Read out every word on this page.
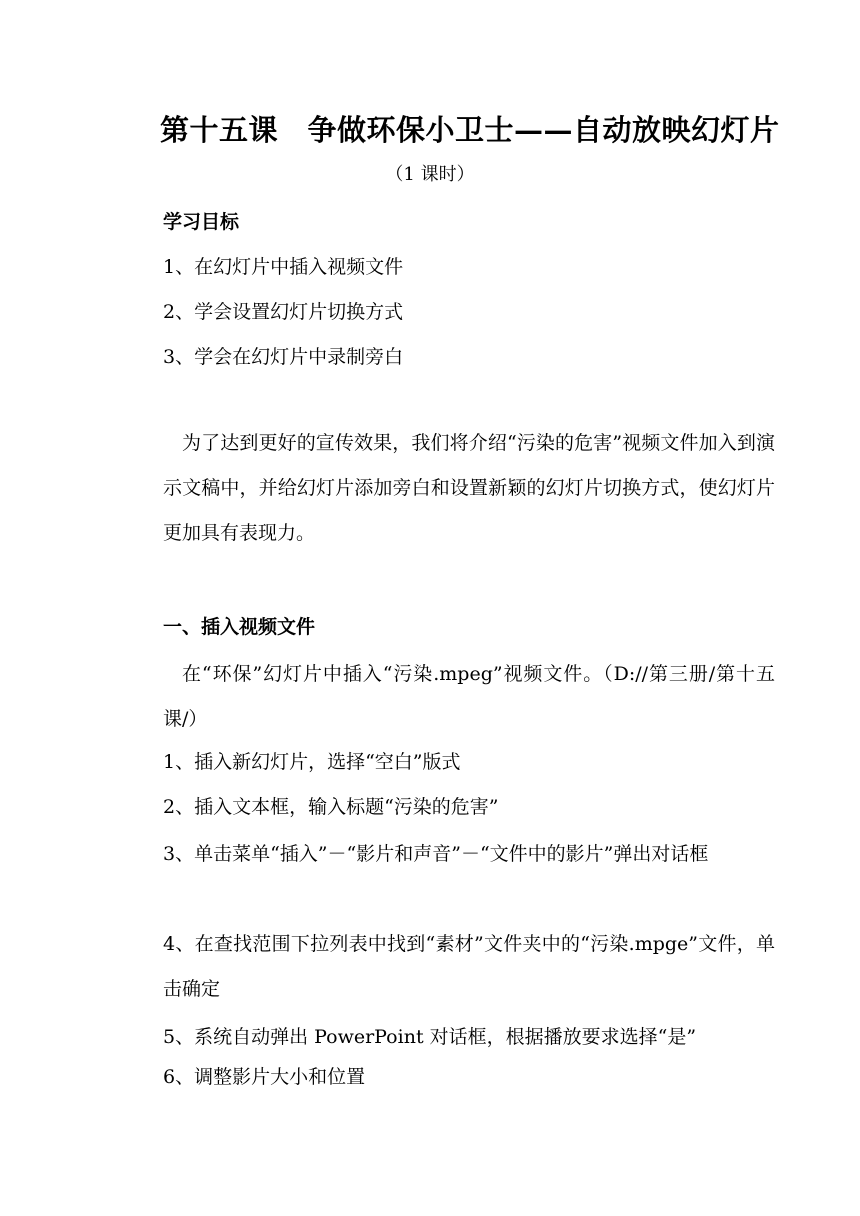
第十五课　争做环保小卫士——自动放映幻灯片
（1 课时）
学习目标
1、在幻灯片中插入视频文件
2、学会设置幻灯片切换方式
3、学会在幻灯片中录制旁白
为了达到更好的宣传效果，我们将介绍“污染的危害”视频文件加入到演示文稿中，并给幻灯片添加旁白和设置新颖的幻灯片切换方式，使幻灯片更加具有表现力。
一、插入视频文件
在“环保”幻灯片中插入“污染.mpeg”视频文件。（D://第三册/第十五课/）
1、插入新幻灯片，选择“空白”版式
2、插入文本框，输入标题“污染的危害”
3、单击菜单“插入”－“影片和声音”－“文件中的影片”弹出对话框
4、在查找范围下拉列表中找到“素材”文件夹中的“污染.mpge”文件，单击确定
5、系统自动弹出 PowerPoint 对话框，根据播放要求选择“是”
6、调整影片大小和位置
